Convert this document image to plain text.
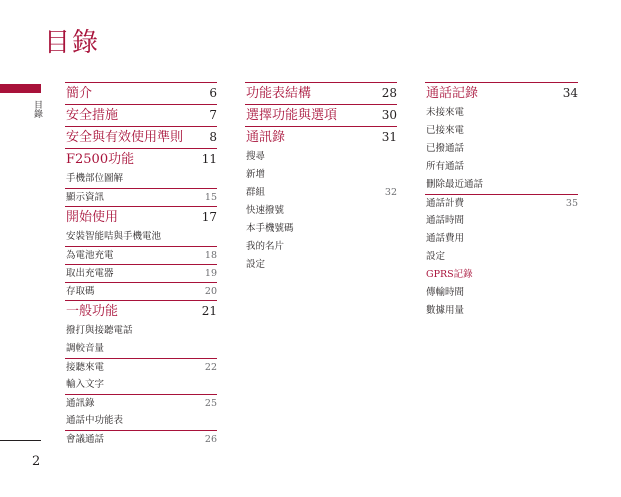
目錄
目錄
2
簡介	6
安全措施	7
安全與有效使用準則 8
F2500功能	11
手機部位圖解
顯示資訊	15
開始使用	17
安裝智能咭與手機電池
為電池充電	18
取出充電器	19
存取碼	20
一般功能	21
撥打與接聽電話
調較音量
接聽來電	22
輸入文字
通訊錄	25
通話中功能表
會議通話	26
功能表結構	28
選擇功能與選項	30
通訊錄	31
搜尋
新增
群組	32
快速撥號
本手機號碼
我的名片
設定
通話記錄	34
未接來電
已接來電
已撥通話
所有通話
刪除最近通話
通話計費	35
通話時間
通話費用
設定
GPRS記錄
傳輸時間
數據用量
